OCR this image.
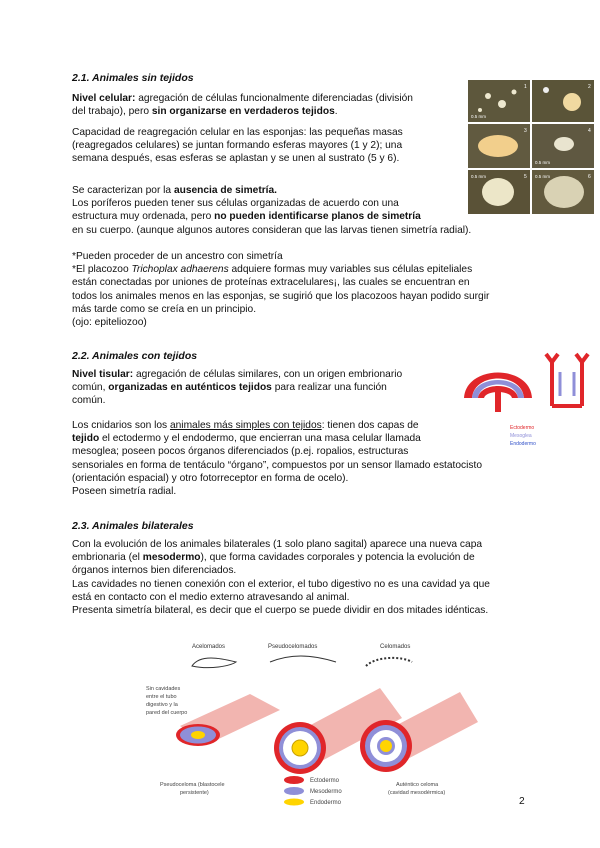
2.1. Animales sin tejidos
Nivel celular: agregación de células funcionalmente diferenciadas (división
del trabajo), pero sin organizarse en verdaderos tejidos.
Capacidad de reagregación celular en las esponjas: las pequeñas masas
(reagregados celulares) se juntan formando esferas mayores (1 y 2); una
semana después, esas esferas se aplastan y se unen al sustrato (5 y 6).
Se caracterizan por la ausencia de simetría.
Los poríferos pueden tener sus células organizadas de acuerdo con una
estructura muy ordenada, pero no pueden identificarse planos de simetría
en su cuerpo. (aunque algunos autores consideran que las larvas tienen simetría radial).
*Pueden proceder de un ancestro con simetría
*El placozoo Trichoplax adhaerens adquiere formas muy variables sus células epiteliales
están conectadas por uniones de proteínas extracelulares¡, las cuales se encuentran en
todos los animales menos en las esponjas, se sugirió que los placozoos hayan podido surgir
más tarde como se creía en un principio.
(ojo: epiteliozoo)
0.5 mm
1	2
3
0.5 mm
4
5
0.5 mm	0.5 mm	6
2.2. Animales con tejidos
Nivel tisular: agregación de células similares, con un origen embrionario
común, organizadas en auténticos tejidos para realizar una función
común.
Los cnidarios son los animales más simples con tejidos: tienen dos capas de
tejido el ectodermo y el endodermo, que encierran una masa celular llamada
mesoglea; poseen pocos órganos diferenciados (p.ej. ropalios, estructuras
sensoriales en forma de tentáculo “órgano”, compuestos por un sensor llamado estatocisto
(orientación espacial) y otro fotorreceptor en forma de ocelo).
Poseen simetría radial.
Ectodermo
Mesoglea
Endodermo
2.3. Animales bilaterales
Con la evolución de los animales bilaterales (1 solo plano sagital) aparece una nueva capa
embrionaria (el mesodermo), que forma cavidades corporales y potencia la evolución de
órganos internos bien diferenciados.
Las cavidades no tienen conexión con el exterior, el tubo digestivo no es una cavidad ya que
está en contacto con el medio externo atravesando al animal.
Presenta simetría bilateral, es decir que el cuerpo se puede dividir en dos mitades idénticas.
Acelomados	Pseudocelomados	Celomados
Sin cavidades
entre el tubo
digestivo y la
pared del cuerpo
Ectodermo
Mesodermo
Endodermo
Pseudoceloma (blastocele
persistente)
Auténtico celoma
(cavidad mesodérmica)
2
